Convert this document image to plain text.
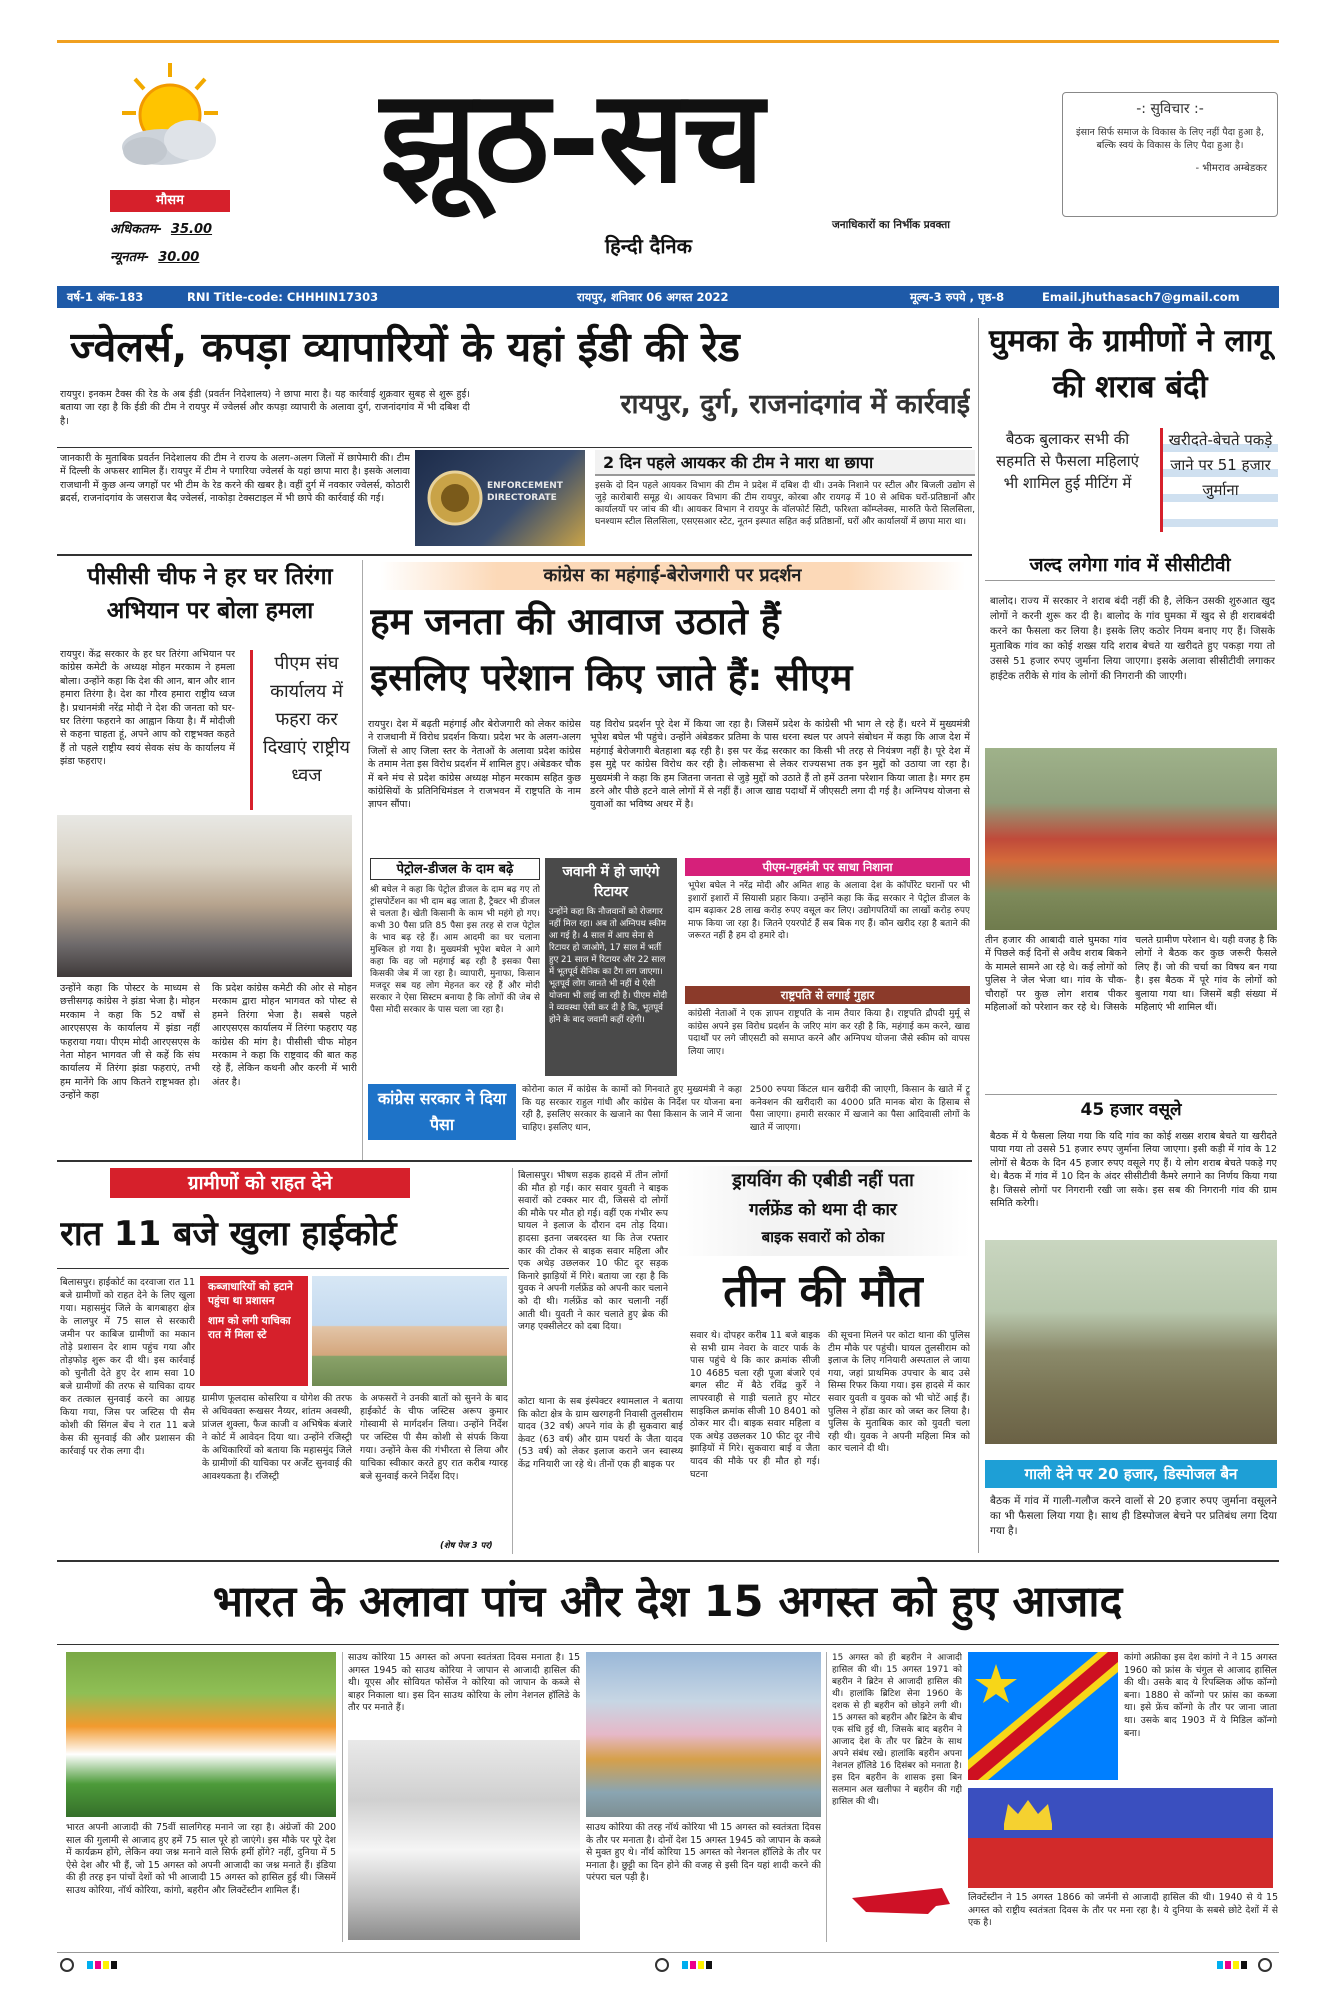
मौसम
अधिकतम- 35.00
न्यूनतम- 30.00
झूठ-सच
जनाधिकारों का निर्भीक प्रवक्ता
हिन्दी दैनिक
-: सुविचार :-
इंसान सिर्फ समाज के विकास के लिए नहीं पैदा हुआ है, बल्कि स्वयं के विकास के लिए पैदा हुआ है।
- भीमराव अम्बेडकर
वर्ष-1 अंक-183	RNI Title-code: CHHHIN17303	रायपुर, शनिवार 06 अगस्त 2022	मूल्य-3 रुपये , पृष्ठ-8	Email.jhuthasach7@gmail.com
ज्वेलर्स, कपड़ा व्यापारियों के यहां ईडी की रेड
रायपुर, दुर्ग, राजनांदगांव में कार्रवाई
रायपुर। इनकम टैक्स की रेड के अब ईडी (प्रवर्तन निदेशालय) ने छापा मारा है। यह कार्रवाई शुक्रवार सुबह से शुरू हुई। बताया जा रहा है कि ईडी की टीम ने रायपुर में ज्वेलर्स और कपड़ा व्यापारी के अलावा दुर्ग, राजनांदगांव में भी दबिश दी है।
जानकारी के मुताबिक प्रवर्तन निदेशालय की टीम ने राज्य के अलग-अलग जिलों में छापेमारी की। टीम में दिल्ली के अफसर शामिल हैं। रायपुर में टीम ने पगारिया ज्वेलर्स के यहां छापा मारा है। इसके अलावा राजधानी में कुछ अन्य जगहों पर भी टीम के रेड करने की खबर है। वहीं दुर्ग में नवकार ज्वेलर्स, कोठारी ब्रदर्स, राजनांदगांव के जसराज बैद ज्वेलर्स, नाकोड़ा टेक्सटाइल में भी छापे की कार्रवाई की गई।
ENFORCEMENT DIRECTORATE
2 दिन पहले आयकर की टीम ने मारा था छापा
इसके दो दिन पहले आयकर विभाग की टीम ने प्रदेश में दबिश दी थी। उनके निशाने पर स्टील और बिजली उद्योग से जुड़े कारोबारी समूह थे। आयकर विभाग की टीम रायपुर, कोरबा और रायगढ़ में 10 से अधिक घरों-प्रतिष्ठानों और कार्यालयों पर जांच की थी। आयकर विभाग ने रायपुर के वॉलफोर्ट सिटी, फरिश्ता कॉम्प्लेक्स, मारुति फेरो सिलसिला, घनश्याम स्टील सिलसिला, एसएसआर स्टेट, नूतन इस्पात सहित कई प्रतिष्ठानों, घरों और कार्यालयों में छापा मारा था।
घुमका के ग्रामीणों ने लागू की शराब बंदी
बैठक बुलाकर सभी की सहमति से फैसला महिलाएं भी शामिल हुई मीटिंग में
खरीदते-बेचते पकड़े जाने पर 51 हजार जुर्माना
जल्द लगेगा गांव में सीसीटीवी
बालोद। राज्य में सरकार ने शराब बंदी नहीं की है, लेकिन उसकी शुरुआत खुद लोगों ने करनी शुरू कर दी है। बालोद के गांव घुमका में खुद से ही शराबबंदी करने का फैसला कर लिया है। इसके लिए कठोर नियम बनाए गए हैं। जिसके मुताबिक गांव का कोई शख्स यदि शराब बेचते या खरीदते हुए पकड़ा गया तो उससे 51 हजार रुपए जुर्माना लिया जाएगा। इसके अलावा सीसीटीवी लगाकर हाईटेक तरीके से गांव के लोगों की निगरानी की जाएगी।
तीन हजार की आबादी वाले घुमका गांव में पिछले कई दिनों से अवैध शराब बिकने के मामले सामने आ रहे थे। कई लोगों को पुलिस ने जेल भेजा था। गांव के चौक-चौराहों पर कुछ लोग शराब पीकर महिलाओं को परेशान कर रहे थे। जिसके चलते ग्रामीण परेशान थे। यही वजह है कि लोगों ने बैठक कर कुछ जरूरी फैसले लिए हैं। जो की चर्चा का विषय बन गया है। इस बैठक में पूरे गांव के लोगों को बुलाया गया था। जिसमें बड़ी संख्या में महिलाएं भी शामिल थीं।
45 हजार वसूले
बैठक में ये फैसला लिया गया कि यदि गांव का कोई शख्स शराब बेचते या खरीदते पाया गया तो उससे 51 हजार रुपए जुर्माना लिया जाएगा। इसी कड़ी में गांव के 12 लोगों से बैठक के दिन 45 हजार रुपए वसूले गए हैं। ये लोग शराब बेचते पकड़े गए थे। बैठक में गांव में 10 दिन के अंदर सीसीटीवी कैमरे लगाने का निर्णय किया गया है। जिससे लोगों पर निगरानी रखी जा सके। इस सब की निगरानी गांव की ग्राम समिति करेगी।
गाली देने पर 20 हजार, डिस्पोजल बैन
बैठक में गांव में गाली-गलौज करने वालों से 20 हजार रुपए जुर्माना वसूलने का भी फैसला लिया गया है। साथ ही डिस्पोजल बेचने पर प्रतिबंध लगा दिया गया है।
पीसीसी चीफ ने हर घर तिरंगा अभियान पर बोला हमला
रायपुर। केंद्र सरकार के हर घर तिरंगा अभियान पर कांग्रेस कमेटी के अध्यक्ष मोहन मरकाम ने हमला बोला। उन्होंने कहा कि देश की आन, बान और शान हमारा तिरंगा है। देश का गौरव हमारा राष्ट्रीय ध्वज है। प्रधानमंत्री नरेंद्र मोदी ने देश की जनता को घर-घर तिरंगा फहराने का आह्वान किया है। मैं मोदीजी से कहना चाहता हूं, अपने आप को राष्ट्रभक्त कहते हैं तो पहले राष्ट्रीय स्वयं सेवक संघ के कार्यालय में झंडा फहराए।
पीएम संघ कार्यालय में फहरा कर दिखाएं राष्ट्रीय ध्वज
उन्होंने कहा कि पोस्टर के माध्यम से छत्तीसगढ़ कांग्रेस ने झंडा भेजा है। मोहन मरकाम ने कहा कि 52 वर्षों से आरएसएस के कार्यालय में झंडा नहीं फहराया गया। पीएम मोदी आरएसएस के नेता मोहन भागवत जी से कहें कि संघ कार्यालय में तिरंगा झंडा फहराएं, तभी हम मानेंगे कि आप कितने राष्ट्रभक्त हो। उन्होंने कहा
कि प्रदेश कांग्रेस कमेटी की ओर से मोहन मरकाम द्वारा मोहन भागवत को पोस्ट से हमने तिरंगा भेजा है। सबसे पहले आरएसएस कार्यालय में तिरंगा फहराए यह कांग्रेस की मांग है। पीसीसी चीफ मोहन मरकाम ने कहा कि राष्ट्रवाद की बात कह रहे हैं, लेकिन कथनी और करनी में भारी अंतर है।
कांग्रेस का महंगाई-बेरोजगारी पर प्रदर्शन
हम जनता की आवाज उठाते हैं
इसलिए परेशान किए जाते हैं: सीएम
रायपुर। देश में बढ़ती महंगाई और बेरोजगारी को लेकर कांग्रेस ने राजधानी में विरोध प्रदर्शन किया। प्रदेश भर के अलग-अलग जिलों से आए जिला स्तर के नेताओं के अलावा प्रदेश कांग्रेस के तमाम नेता इस विरोध प्रदर्शन में शामिल हुए। अंबेडकर चौक में बने मंच से प्रदेश कांग्रेस अध्यक्ष मोहन मरकाम सहित कुछ कांग्रेसियों के प्रतिनिधिमंडल ने राजभवन में राष्ट्रपति के नाम ज्ञापन सौंपा।
यह विरोध प्रदर्शन पूरे देश में किया जा रहा है। जिसमें प्रदेश के कांग्रेसी भी भाग ले रहे हैं। धरने में मुख्यमंत्री भूपेश बघेल भी पहुंचे। उन्होंने अंबेडकर प्रतिमा के पास धरना स्थल पर अपने संबोधन में कहा कि आज देश में महंगाई बेरोजगारी बेतहाशा बढ़ रही है। इस पर केंद्र सरकार का किसी भी तरह से नियंत्रण नहीं है। पूरे देश में इस मुद्दे पर कांग्रेस विरोध कर रही है। लोकसभा से लेकर राज्यसभा तक इन मुद्दों को उठाया जा रहा है। मुख्यमंत्री ने कहा कि हम जितना जनता से जुड़े मुद्दों को उठाते हैं तो हमें उतना परेशान किया जाता है। मगर हम डरने और पीछे हटने वाले लोगों में से नहीं हैं। आज खाद्य पदार्थों में जीएसटी लगा दी गई है। अग्निपथ योजना से युवाओं का भविष्य अधर में है।
पेट्रोल-डीजल के दाम बढ़े
श्री बघेल ने कहा कि पेट्रोल डीजल के दाम बढ़ गए तो ट्रांसपोर्टेशन का भी दाम बढ़ जाता है, ट्रैक्टर भी डीजल से चलता है। खेती किसानी के काम भी महंगे हो गए। कभी 30 पैसा प्रति 85 पैसा इस तरह से राज पेट्रोल के भाव बढ़ रहे हैं। आम आदमी का घर चलाना मुश्किल हो गया है। मुख्यमंत्री भूपेश बघेल ने आगे कहा कि वह जो महंगाई बढ़ रही है इसका पैसा किसकी जेब में जा रहा है। व्यापारी, मुनाफा, किसान मजदूर सब यह लोग मेहनत कर रहे हैं और मोदी सरकार ने ऐसा सिस्टम बनाया है कि लोगों की जेब से पैसा मोदी सरकार के पास चला जा रहा है।
जवानी में हो जाएंगे रिटायर
उन्होंने कहा कि नौजवानों को रोजगार नहीं मिल रहा। अब तो अग्निपथ स्कीम आ गई है। 4 साल में आप सेना से रिटायर हो जाओगे, 17 साल में भर्ती हुए 21 साल में रिटायर और 22 साल में भूतपूर्व सैनिक का टैग लग जाएगा। भूतपूर्व लोग जानते भी नहीं थे ऐसी योजना भी लाई जा रही है। पीएम मोदी ने व्यवस्था ऐसी कर दी है कि, भूतपूर्व होने के बाद जवानी कहीं रहेगी।
पीएम-गृहमंत्री पर साधा निशाना
भूपेश बघेल ने नरेंद्र मोदी और अमित शाह के अलावा देश के कॉर्पोरेट घरानों पर भी इशारों इशारों में सियासी प्रहार किया। उन्होंने कहा कि केंद्र सरकार ने पेट्रोल डीजल के दाम बढ़ाकर 28 लाख करोड़ रुपए वसूल कर लिए। उद्योगपतियों का लाखों करोड़ रुपए माफ किया जा रहा है। जितने एयरपोर्ट हैं सब बिक गए हैं। कौन खरीद रहा है बताने की जरूरत नहीं है हम दो हमारे दो।
राष्ट्रपति से लगाई गुहार
कांग्रेसी नेताओं ने एक ज्ञापन राष्ट्रपति के नाम तैयार किया है। राष्ट्रपति द्रौपदी मुर्मू से कांग्रेस अपने इस विरोध प्रदर्शन के जरिए मांग कर रही है कि, महंगाई कम करने, खाद्य पदार्थों पर लगे जीएसटी को समाप्त करने और अग्निपथ योजना जैसे स्कीम को वापस लिया जाए।
कांग्रेस सरकार ने दिया पैसा
कोरोना काल में कांग्रेस के कामों को गिनवाते हुए मुख्यमंत्री ने कहा कि यह सरकार राहुल गांधी और कांग्रेस के निर्देश पर योजना बना रही है, इसलिए सरकार के खजाने का पैसा किसान के जाने में जाना चाहिए। इसलिए धान,
2500 रुपया किंटल धान खरीदी की जाएगी, किसान के खाते में ट्रू कनेक्शन की खरीदारी का 4000 प्रति मानक बोरा के हिसाब से पैसा जाएगा। हमारी सरकार में खजाने का पैसा आदिवासी लोगों के खाते में जाएगा।
ग्रामीणों को राहत देने
रात 11 बजे खुला हाईकोर्ट
बिलासपुर। हाईकोर्ट का दरवाजा रात 11 बजे ग्रामीणों को राहत देने के लिए खुला गया। महासमुंद जिले के बागबाहरा क्षेत्र के लालपुर में 75 साल से सरकारी जमीन पर काबिज ग्रामीणों का मकान तोड़े प्रशासन देर शाम पहुंच गया और तोड़फोड़ शुरू कर दी थी। इस कार्रवाई को चुनौती देते हुए देर शाम सवा 10 बजे ग्रामीणों की तरफ से याचिका दायर कर तत्काल सुनवाई करने का आग्रह किया गया, जिस पर जस्टिस पी सैम कोशी की सिंगल बेंच ने रात 11 बजे केस की सुनवाई की और प्रशासन की कार्रवाई पर रोक लगा दी।
कब्जाधारियों को हटाने पहुंचा था प्रशासन
शाम को लगी याचिका रात में मिला स्टे
ग्रामीण फूलदास कोसरिया व योगेश की तरफ से अधिवक्ता रूखसर नैय्यर, शांतम अवस्थी, प्रांजल शुक्ला, फैज काजी व अभिषेक बंजारे ने कोर्ट में आवेदन दिया था। उन्होंने रजिस्ट्री के अधिकारियों को बताया कि महासमुंद जिले के ग्रामीणों की याचिका पर अर्जेंट सुनवाई की आवश्यकता है। रजिस्ट्री
के अफसरों ने उनकी बातों को सुनने के बाद हाईकोर्ट के चीफ जस्टिस अरूप कुमार गोस्वामी से मार्गदर्शन लिया। उन्होंने निर्देश पर जस्टिस पी सैम कोशी से संपर्क किया गया। उन्होंने केस की गंभीरता से लिया और याचिका स्वीकार करते हुए रात करीब ग्यारह बजे सुनवाई करने निर्देश दिए।
(शेष पेज 3 पर)
बिलासपुर। भीषण सड़क हादसे में तीन लोगों की मौत हो गई। कार सवार युवती ने बाइक सवारों को टक्कर मार दी, जिससे दो लोगों की मौके पर मौत हो गई। वहीं एक गंभीर रूप घायल ने इलाज के दौरान दम तोड़ दिया। हादसा इतना जबरदस्त था कि तेज रफ्तार कार की टोकर से बाइक सवार महिला और एक अधेड़ उछलकर 10 फीट दूर सड़क किनारे झाड़ियों में गिरे। बताया जा रहा है कि युवक ने अपनी गर्लफ्रेंड को अपनी कार चलाने को दी थी। गर्लफ्रेंड को कार चलानी नहीं आती थी। युवती ने कार चलाते हुए ब्रेक की जगह एक्सीलेटर को दबा दिया।
ड्रायविंग की एबीडी नहीं पता
गर्लफ्रेंड को थमा दी कार
बाइक सवारों को ठोका
तीन की मौत
कोटा थाना के सब इंस्पेक्टर श्यामलाल ने बताया कि कोटा क्षेत्र के ग्राम खरगहनी निवासी तुलसीराम यादव (32 वर्ष) अपने गांव के ही सुकवारा बाई केवट (63 वर्ष) और ग्राम पथर्रा के जैता यादव (53 वर्ष) को लेकर इलाज कराने जन स्वास्थ्य केंद्र गनियारी जा रहे थे। तीनों एक ही बाइक पर
सवार थे। दोपहर करीब 11 बजे बाइक से सभी ग्राम नेवरा के वाटर पार्क के पास पहुंचे थे कि कार क्रमांक सीजी 10 4685 चला रही पूजा बंजारे एवं बगल सीट में बैठे रविंद्र कुर्रे ने लापरवाही से गाड़ी चलाते हुए मोटर साइकिल क्रमांक सीजी 10 8401 को ठोकर मार दी। बाइक सवार महिला व एक अधेड़ उछलकर 10 फीट दूर नीचे झाड़ियों में गिरे। सुकवारा बाई व जैता यादव की मौके पर ही मौत हो गई। घटना
की सूचना मिलने पर कोटा थाना की पुलिस टीम मौके पर पहुंची। घायल तुलसीराम को इलाज के लिए गनियारी अस्पताल ले जाया गया, जहां प्राथमिक उपचार के बाद उसे सिम्स रिफर किया गया। इस हादसे में कार सवार युवती व युवक को भी चोटें आई हैं। पुलिस ने होंडा कार को जब्त कर लिया है। पुलिस के मुताबिक कार को युवती चला रही थी। युवक ने अपनी महिला मित्र को कार चलाने दी थी।
भारत के अलावा पांच और देश 15 अगस्त को हुए आजाद
भारत अपनी आजादी की 75वीं सालगिरह मनाने जा रहा है। अंग्रेजों की 200 साल की गुलामी से आजाद हुए हमें 75 साल पूरे हो जाएंगे। इस मौके पर पूरे देश में कार्यक्रम होंगे, लेकिन क्या जश्न मनाने वाले सिर्फ हमीं होंगे? नहीं, दुनिया में 5 ऐसे देश और भी हैं, जो 15 अगस्त को अपनी आजादी का जश्न मनाते हैं। इंडिया की ही तरह इन पांचों देशों को भी आजादी 15 अगस्त को हासिल हुई थी। जिसमें साउथ कोरिया, नॉर्थ कोरिया, कांगो, बहरीन और लिक्टेंस्टीन शामिल हैं।
साउथ कोरिया 15 अगस्त को अपना स्वतंत्रता दिवस मनाता है। 15 अगस्त 1945 को साउथ कोरिया ने जापान से आजादी हासिल की थी। यूएस और सोवियत फोर्सेज ने कोरिया को जापान के कब्जे से बाहर निकाला था। इस दिन साउथ कोरिया के लोग नेशनल हॉलिडे के तौर पर मनाते हैं।
साउथ कोरिया की तरह नॉर्थ कोरिया भी 15 अगस्त को स्वतंत्रता दिवस के तौर पर मनाता है। दोनों देश 15 अगस्त 1945 को जापान के कब्जे से मुक्त हुए थे। नॉर्थ कोरिया 15 अगस्त को नेशनल हॉलिडे के तौर पर मनाता है। छुट्टी का दिन होने की वजह से इसी दिन यहां शादी करने की परंपरा चल पड़ी है।
15 अगस्त को ही बहरीन ने आजादी हासिल की थी। 15 अगस्त 1971 को बहरीन ने ब्रिटेन से आजादी हासिल की थी। हालांकि ब्रिटिश सेना 1960 के दशक से ही बहरीन को छोड़ने लगी थी। 15 अगस्त को बहरीन और ब्रिटेन के बीच एक संधि हुई थी, जिसके बाद बहरीन ने आजाद देश के तौर पर ब्रिटेन के साथ अपने संबंध रखे। हालांकि बहरीन अपना नेशनल हॉलिडे 16 दिसंबर को मनाता है। इस दिन बहरीन के शासक इसा बिन सलमान अल खलीफा ने बहरीन की गद्दी हासिल की थी।
कांगो अफ्रीका इस देश कांगो ने ने 15 अगस्त 1960 को फ्रांस के चंगुल से आजाद हासिल की थी। उसके बाद ये रिपब्लिक ऑफ कॉन्गो बना। 1880 से कॉन्गो पर फ्रांस का कब्जा था। इसे फ्रेंच कॉन्गो के तौर पर जाना जाता था। उसके बाद 1903 में ये मिडिल कॉन्गो बना।
लिक्टेंस्टीन ने 15 अगस्त 1866 को जर्मनी से आजादी हासिल की थी। 1940 से ये 15 अगस्त को राष्ट्रीय स्वतंत्रता दिवस के तौर पर मना रहा है। ये दुनिया के सबसे छोटे देशों में से एक है।
